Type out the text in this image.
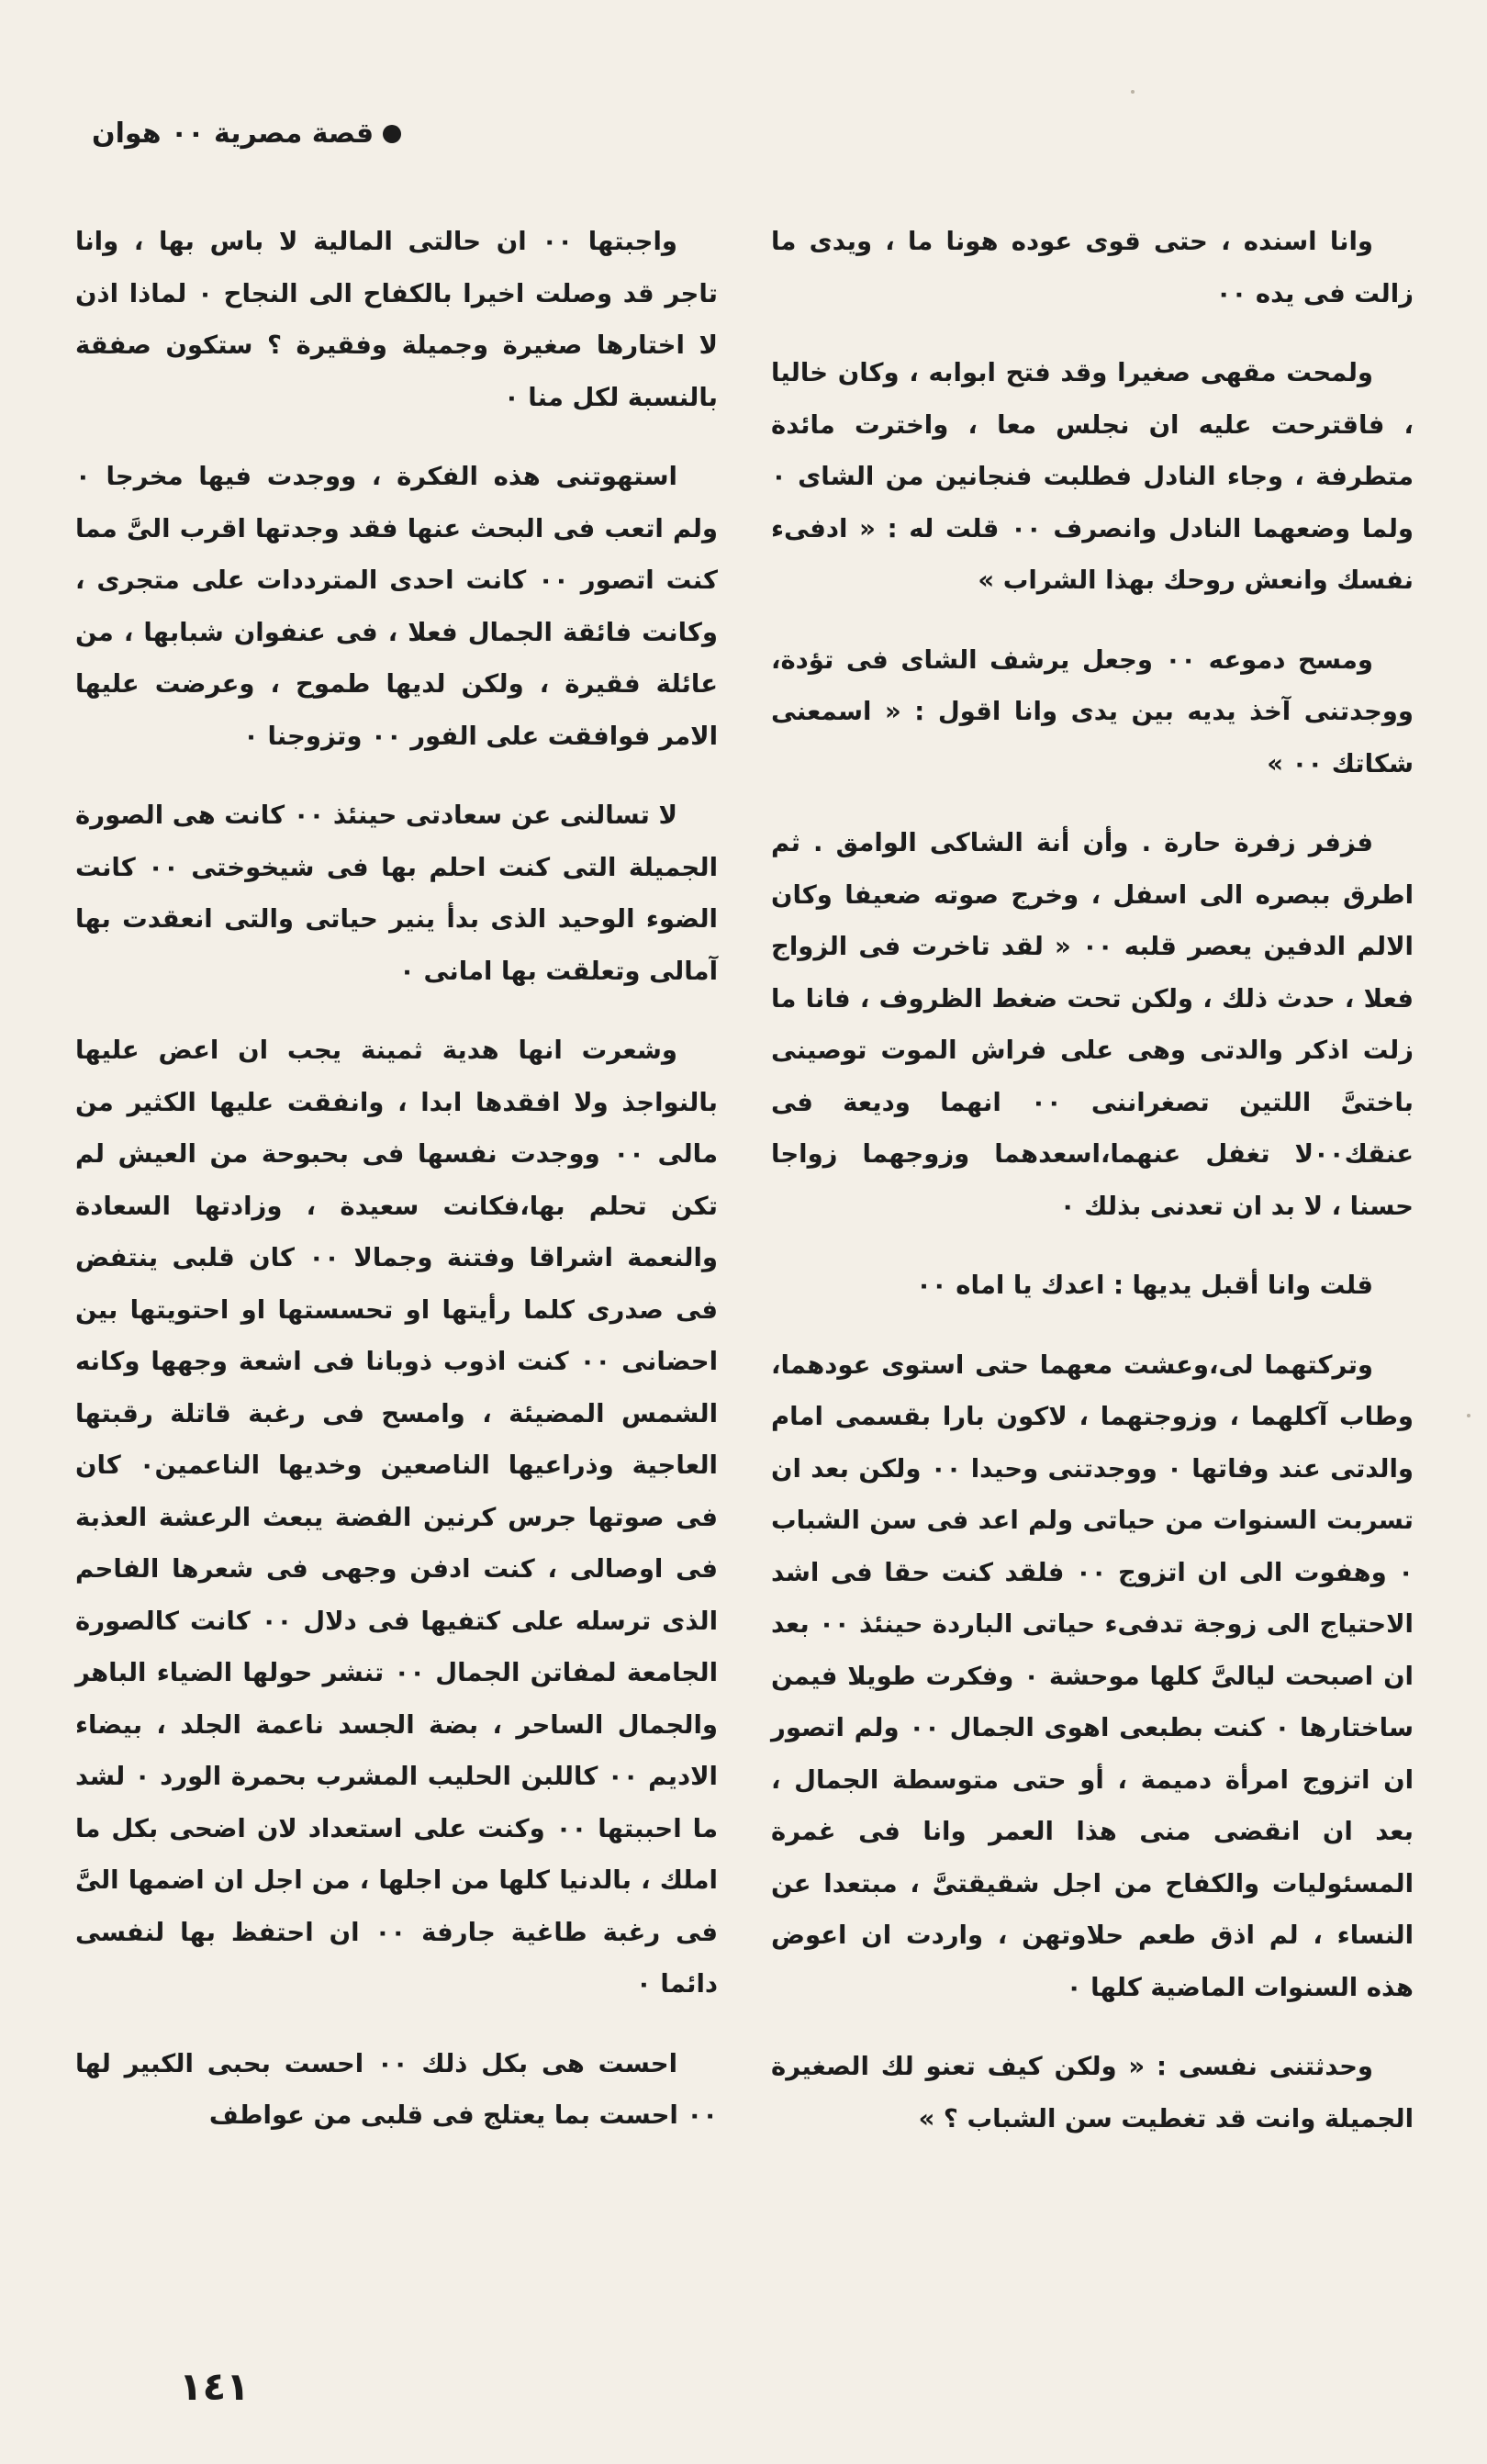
قصة مصرية ٠٠ هوان

وانا اسنده ، حتى قوى عوده هونا ما ، ويدى ما زالت فى يده ٠٠

ولمحت مقهى صغيرا وقد فتح ابوابه ، وكان خاليا ، فاقترحت عليه ان نجلس معا ، واخترت مائدة متطرفة ، وجاء النادل فطلبت فنجانين من الشاى ٠ ولما وضعهما النادل وانصرف ٠٠ قلت له : « ادفىء نفسك وانعش روحك بهذا الشراب »

ومسح دموعه ٠٠ وجعل يرشف الشاى فى تؤدة، ووجدتنى آخذ يديه بين يدى وانا اقول : « اسمعنى شكاتك ٠٠ »

فزفر زفرة حارة . وأن أنة الشاكى الوامق . ثم اطرق ببصره الى اسفل ، وخرج صوته ضعيفا وكان الالم الدفين يعصر قلبه ٠٠ « لقد تاخرت فى الزواج فعلا ، حدث ذلك ، ولكن تحت ضغط الظروف ، فانا ما زلت اذكر والدتى وهى على فراش الموت توصينى باختىَّ اللتين تصغراننى ٠٠ انهما وديعة فى عنقك٠٠لا تغفل عنهما،اسعدهما وزوجهما زواجا حسنا ، لا بد ان تعدنى بذلك ٠

قلت وانا أقبل يديها : اعدك يا اماه ٠٠

وتركتهما لى،وعشت معهما حتى استوى عودهما، وطاب آكلهما ، وزوجتهما ، لاكون بارا بقسمى امام والدتى عند وفاتها ٠ ووجدتنى وحيدا ٠٠ ولكن بعد ان تسربت السنوات من حياتى ولم اعد فى سن الشباب ٠ وهفوت الى ان اتزوج ٠٠ فلقد كنت حقا فى اشد الاحتياج الى زوجة تدفىء حياتى الباردة حينئذ ٠٠ بعد ان اصبحت ليالىَّ كلها موحشة ٠ وفكرت طويلا فيمن ساختارها ٠ كنت بطبعى اهوى الجمال ٠٠ ولم اتصور ان اتزوج امرأة دميمة ، أو حتى متوسطة الجمال ، بعد ان انقضى منى هذا العمر وانا فى غمرة المسئوليات والكفاح من اجل شقيقتىَّ ، مبتعدا عن النساء ، لم اذق طعم حلاوتهن ، واردت ان اعوض هذه السنوات الماضية كلها ٠

وحدثتنى نفسى : « ولكن كيف تعنو لك الصغيرة الجميلة وانت قد تغطيت سن الشباب ؟ »

واجبتها ٠٠ ان حالتى المالية لا باس بها ، وانا تاجر قد وصلت اخيرا بالكفاح الى النجاح ٠ لماذا اذن لا اختارها صغيرة وجميلة وفقيرة ؟ ستكون صفقة بالنسبة لكل منا ٠

استهوتنى هذه الفكرة ، ووجدت فيها مخرجا ٠ ولم اتعب فى البحث عنها فقد وجدتها اقرب الىَّ مما كنت اتصور ٠٠ كانت احدى المترددات على متجرى ، وكانت فائقة الجمال فعلا ، فى عنفوان شبابها ، من عائلة فقيرة ، ولكن لديها طموح ، وعرضت عليها الامر فوافقت على الفور ٠٠ وتزوجنا ٠

لا تسالنى عن سعادتى حينئذ ٠٠ كانت هى الصورة الجميلة التى كنت احلم بها فى شيخوختى ٠٠ كانت الضوء الوحيد الذى بدأ ينير حياتى والتى انعقدت بها آمالى وتعلقت بها امانى ٠

وشعرت انها هدية ثمينة يجب ان اعض عليها بالنواجذ ولا افقدها ابدا ، وانفقت عليها الكثير من مالى ٠٠ ووجدت نفسها فى بحبوحة من العيش لم تكن تحلم بها،فكانت سعيدة ، وزادتها السعادة والنعمة اشراقا وفتنة وجمالا ٠٠ كان قلبى ينتفض فى صدرى كلما رأيتها او تحسستها او احتويتها بين احضانى ٠٠ كنت اذوب ذوبانا فى اشعة وجهها وكانه الشمس المضيئة ، وامسح فى رغبة قاتلة رقبتها العاجية وذراعيها الناصعين وخديها الناعمين٠ كان فى صوتها جرس كرنين الفضة يبعث الرعشة العذبة فى اوصالى ، كنت ادفن وجهى فى شعرها الفاحم الذى ترسله على كتفيها فى دلال ٠٠ كانت كالصورة الجامعة لمفاتن الجمال ٠٠ تنشر حولها الضياء الباهر والجمال الساحر ، بضة الجسد ناعمة الجلد ، بيضاء الاديم ٠٠ كاللبن الحليب المشرب بحمرة الورد ٠ لشد ما احببتها ٠٠ وكنت على استعداد لان اضحى بكل ما املك ، بالدنيا كلها من اجلها ، من اجل ان اضمها الىَّ فى رغبة طاغية جارفة ٠٠ ان احتفظ بها لنفسى دائما ٠

احست هى بكل ذلك ٠٠ احست بحبى الكبير لها ٠٠ احست بما يعتلج فى قلبى من عواطف

١٤١
